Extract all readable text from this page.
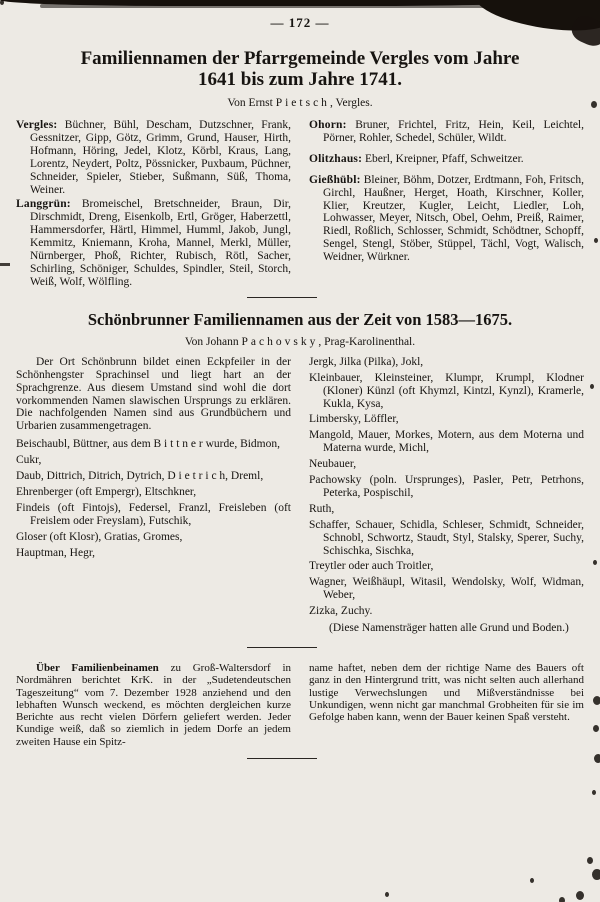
— 172 —
Familiennamen der Pfarrgemeinde Vergles vom Jahre
1641 bis zum Jahre 1741.
Von Ernst Pietsch, Vergles.

Vergles: Büchner, Bühl, Descham, Dutzschner, Frank, Gessnitzer, Gipp, Götz, Grimm, Grund, Hauser, Hirth, Hofmann, Höring, Jedel, Klotz, Körbl, Kraus, Lang, Lorentz, Neydert, Poltz, Pössnicker, Puxbaum, Püchner, Schneider, Spieler, Stieber, Sußmann, Süß, Thoma, Weiner.

Langgrün: Bromeischel, Bretschneider, Braun, Dir, Dirschmidt, Dreng, Eisenkolb, Ertl, Gröger, Haberzettl, Hammersdorfer, Härtl, Himmel, Humml, Jakob, Jungl, Kemmitz, Kniemann, Kroha, Mannel, Merkl, Müller, Nürnberger, Phoß, Richter, Rubisch, Rötl, Sacher, Schirling, Schöniger, Schuldes, Spindler, Steil, Storch, Weiß, Wolf, Wölfling.

Ohorn: Bruner, Frichtel, Fritz, Hein, Keil, Leichtel, Pörner, Rohler, Schedel, Schüler, Wildt.

Olitzhaus: Eberl, Kreipner, Pfaff, Schweitzer.

Gießhübl: Bleiner, Böhm, Dotzer, Erdtmann, Foh, Fritsch, Girchl, Haußner, Herget, Hoath, Kirschner, Koller, Klier, Kreutzer, Kugler, Leicht, Liedler, Loh, Lohwasser, Meyer, Nitsch, Obel, Oehm, Preiß, Raimer, Riedl, Roßlich, Schlosser, Schmidt, Schödtner, Schopff, Sengel, Stengl, Stöber, Stüppel, Tächl, Vogt, Walisch, Weidner, Würkner.

Schönbrunner Familiennamen aus der Zeit von 1583—1675.
Von Johann Pachovsky, Prag-Karolinenthal.

Der Ort Schönbrunn bildet einen Eckpfeiler in der Schönhengster Sprachinsel und liegt hart an der Sprachgrenze. Aus diesem Umstand sind wohl die dort vorkommenden Namen slawischen Ursprungs zu erklären. Die nachfolgenden Namen sind aus Grundbüchern und Urbarien zusammengetragen.

Beischaubl, Büttner, aus dem B i t t n e r wurde, Bidmon,

Cukr,

Daub, Dittrich, Ditrich, Dytrich, D i e t r i c h, Dreml,

Ehrenberger (oft Empergr), Eltschkner,

Findeis (oft Fintojs), Federsel, Franzl, Freisleben (oft Freislem oder Freyslam), Futschik,

Gloser (oft Klosr), Gratias, Gromes,

Hauptman, Hegr,

Jergk, Jilka (Pilka), Jokl,

Kleinbauer, Kleinsteiner, Klumpr, Krumpl, Klodner (Kloner) Künzl (oft Khymzl, Kintzl, Kynzl), Kramerle, Kukla, Kysa,

Limbersky, Löffler,

Mangold, Mauer, Morkes, Motern, aus dem Moterna und Materna wurde, Michl,

Neubauer,

Pachowsky (poln. Ursprunges), Pasler, Petr, Petrhons, Peterka, Pospischil,

Ruth,

Schaffer, Schauer, Schidla, Schleser, Schmidt, Schneider, Schnobl, Schwortz, Staudt, Styl, Stalsky, Sperer, Suchy, Schischka, Sischka,

Treytler oder auch Troitler,

Wagner, Weißhäupl, Witasil, Wendolsky, Wolf, Widman, Weber,

Zizka, Zuchy.

(Diese Namensträger hatten alle Grund und Boden.)

Über Familienbeinamen zu Groß-Waltersdorf in Nordmähren berichtet KrK. in der „Sudetendeutschen Tageszeitung“ vom 7. Dezember 1928 anziehend und den lebhaften Wunsch weckend, es möchten dergleichen kurze Berichte aus recht vielen Dörfern geliefert werden. Jeder Kundige weiß, daß so ziemlich in jedem Dorfe an jedem zweiten Hause ein Spitz-

name haftet, neben dem der richtige Name des Bauers oft ganz in den Hintergrund tritt, was nicht selten auch allerhand lustige Verwechslungen und Mißverständnisse bei Unkundigen, wenn nicht gar manchmal Grobheiten für sie im Gefolge haben kann, wenn der Bauer keinen Spaß versteht.
